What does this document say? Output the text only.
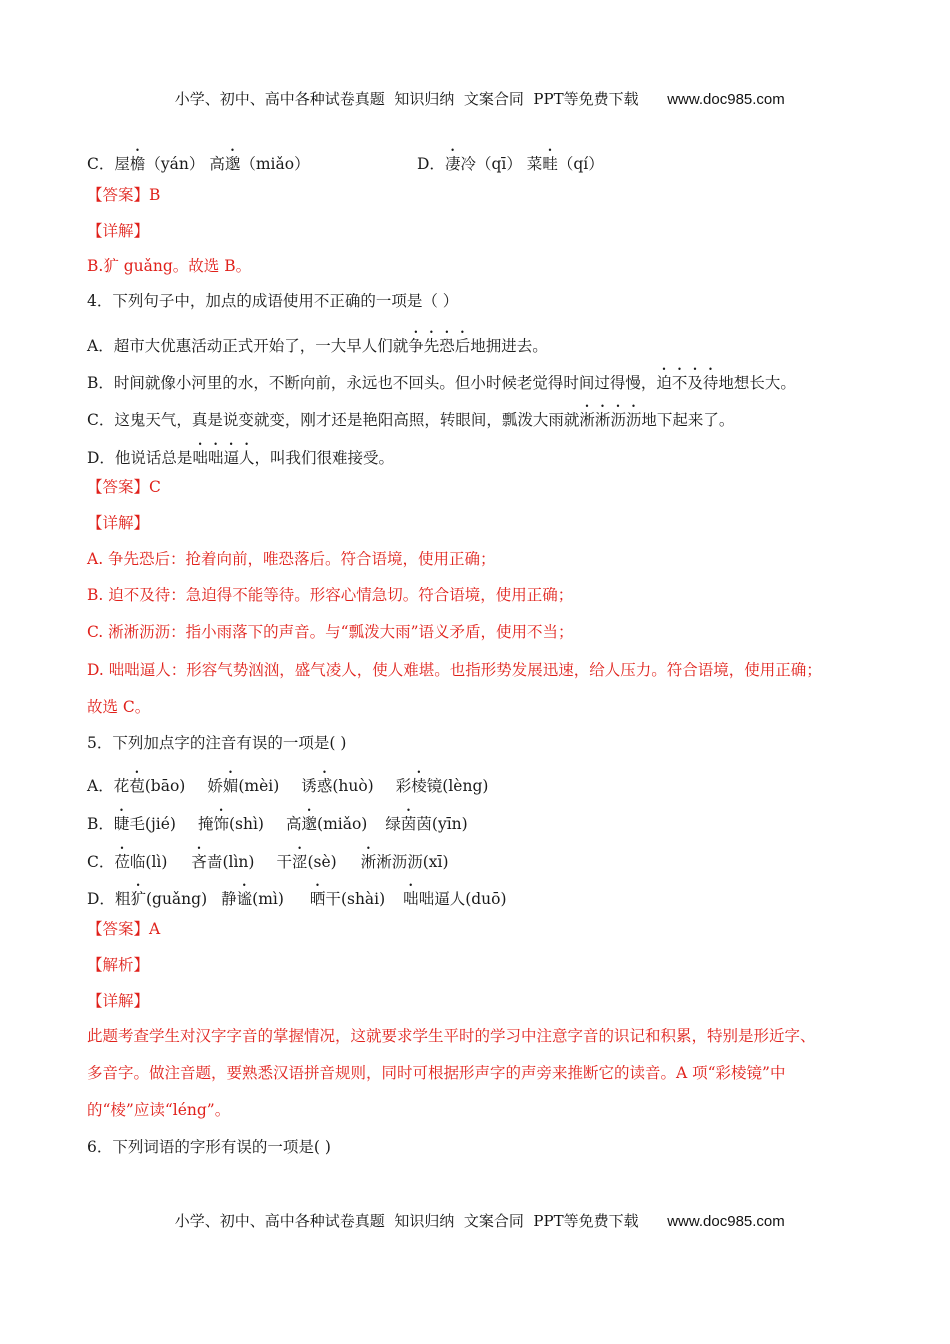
小学、初中、高中各种试卷真题  知识归纳  文案合同  PPT等免费下载 www.doc985.com

C．屋檐（yán） 高邈（miǎo）	D．凄冷（qī） 菜畦（qí）
【答案】B
【详解】
B.犷 guǎng。故选 B。
4．下列句子中，加点的成语使用不正确的一项是（ ）
A．超市大优惠活动正式开始了，一大早人们就争先恐后地拥进去。
B．时间就像小河里的水，不断向前，永远也不回头。但小时候老觉得时间过得慢，迫不及待地想长大。
C．这鬼天气，真是说变就变，刚才还是艳阳高照，转眼间，瓢泼大雨就淅淅沥沥地下起来了。
D．他说话总是咄咄逼人，叫我们很难接受。
【答案】C
【详解】
A. 争先恐后：抢着向前，唯恐落后。符合语境，使用正确；
B. 迫不及待：急迫得不能等待。形容心情急切。符合语境，使用正确；
C. 淅淅沥沥：指小雨落下的声音。与“瓢泼大雨”语义矛盾，使用不当；
D. 咄咄逼人：形容气势汹汹，盛气凌人，使人难堪。也指形势发展迅速，给人压力。符合语境，使用正确；
故选 C。
5．下列加点字的注音有误的一项是( )
A．花苞(bāo) 娇媚(mèi) 诱惑(huò) 彩棱镜(lèng)
B．睫毛(jié) 掩饰(shì) 高邈(miǎo) 绿茵茵(yīn)
C．莅临(lì) 吝啬(lìn) 干涩(sè) 淅淅沥沥(xī)
D．粗犷(guǎng) 静谧(mì) 晒干(shài) 咄咄逼人(duō)
【答案】A
【解析】
【详解】
此题考查学生对汉字字音的掌握情况，这就要求学生平时的学习中注意字音的识记和积累，特别是形近字、
多音字。做注音题，要熟悉汉语拼音规则，同时可根据形声字的声旁来推断它的读音。A 项“彩棱镜”中
的“棱”应读“léng”。
6．下列词语的字形有误的一项是( )

小学、初中、高中各种试卷真题  知识归纳  文案合同  PPT等免费下载 www.doc985.com
